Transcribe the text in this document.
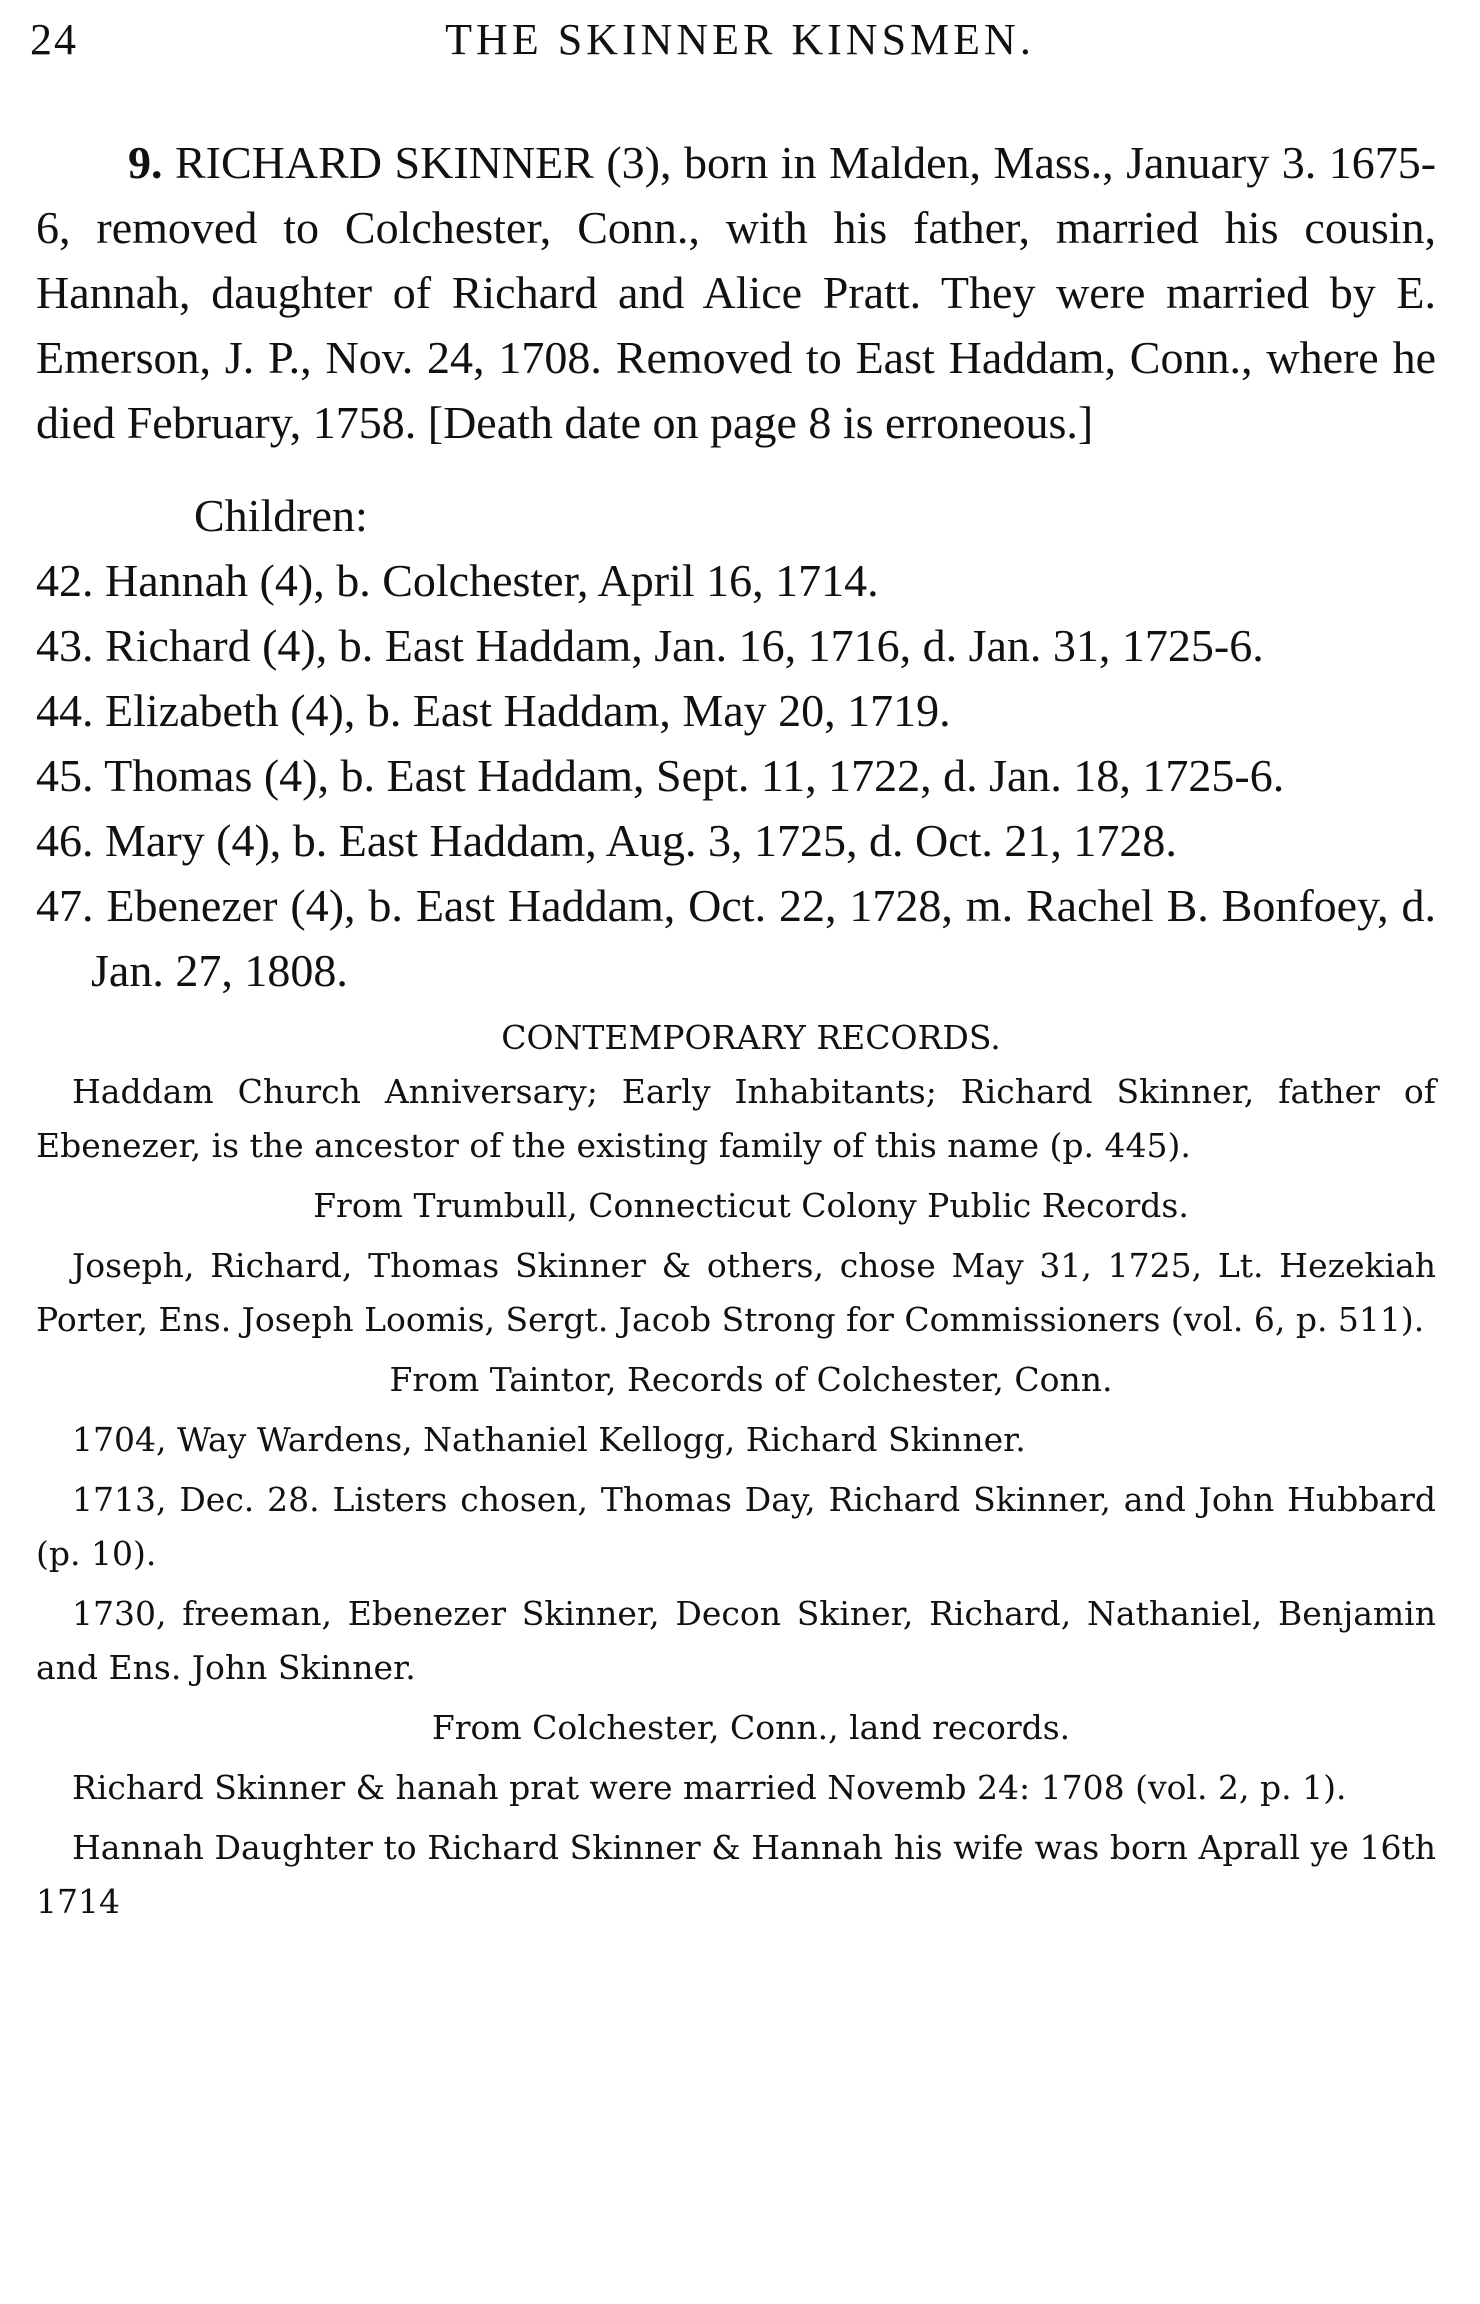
24	THE SKINNER KINSMEN.

9. RICHARD SKINNER (3), born in Malden, Mass., January 3. 1675-6, removed to Colchester, Conn., with his father, married his cousin, Hannah, daughter of Richard and Alice Pratt. They were married by E. Emerson, J. P., Nov. 24, 1708. Removed to East Haddam, Conn., where he died February, 1758. [Death date on page 8 is erroneous.]

Children:
42. Hannah (4), b. Colchester, April 16, 1714.
43. Richard (4), b. East Haddam, Jan. 16, 1716, d. Jan. 31, 1725-6.
44. Elizabeth (4), b. East Haddam, May 20, 1719.
45. Thomas (4), b. East Haddam, Sept. 11, 1722, d. Jan. 18, 1725-6.
46. Mary (4), b. East Haddam, Aug. 3, 1725, d. Oct. 21, 1728.
47. Ebenezer (4), b. East Haddam, Oct. 22, 1728, m. Rachel B. Bonfoey, d. Jan. 27, 1808.
CONTEMPORARY RECORDS.

Haddam Church Anniversary; Early Inhabitants; Richard Skinner, father of Ebenezer, is the ancestor of the existing family of this name (p. 445).

From Trumbull, Connecticut Colony Public Records.

Joseph, Richard, Thomas Skinner & others, chose May 31, 1725, Lt. Hezekiah Porter, Ens. Joseph Loomis, Sergt. Jacob Strong for Commissioners (vol. 6, p. 511).

From Taintor, Records of Colchester, Conn.

1704, Way Wardens, Nathaniel Kellogg, Richard Skinner.

1713, Dec. 28. Listers chosen, Thomas Day, Richard Skinner, and John Hubbard (p. 10).

1730, freeman, Ebenezer Skinner, Decon Skiner, Richard, Nathaniel, Benjamin and Ens. John Skinner.

From Colchester, Conn., land records.

Richard Skinner & hanah prat were married Novemb 24: 1708 (vol. 2, p. 1).

Hannah Daughter to Richard Skinner & Hannah his wife was born Aprall ye 16th 1714
